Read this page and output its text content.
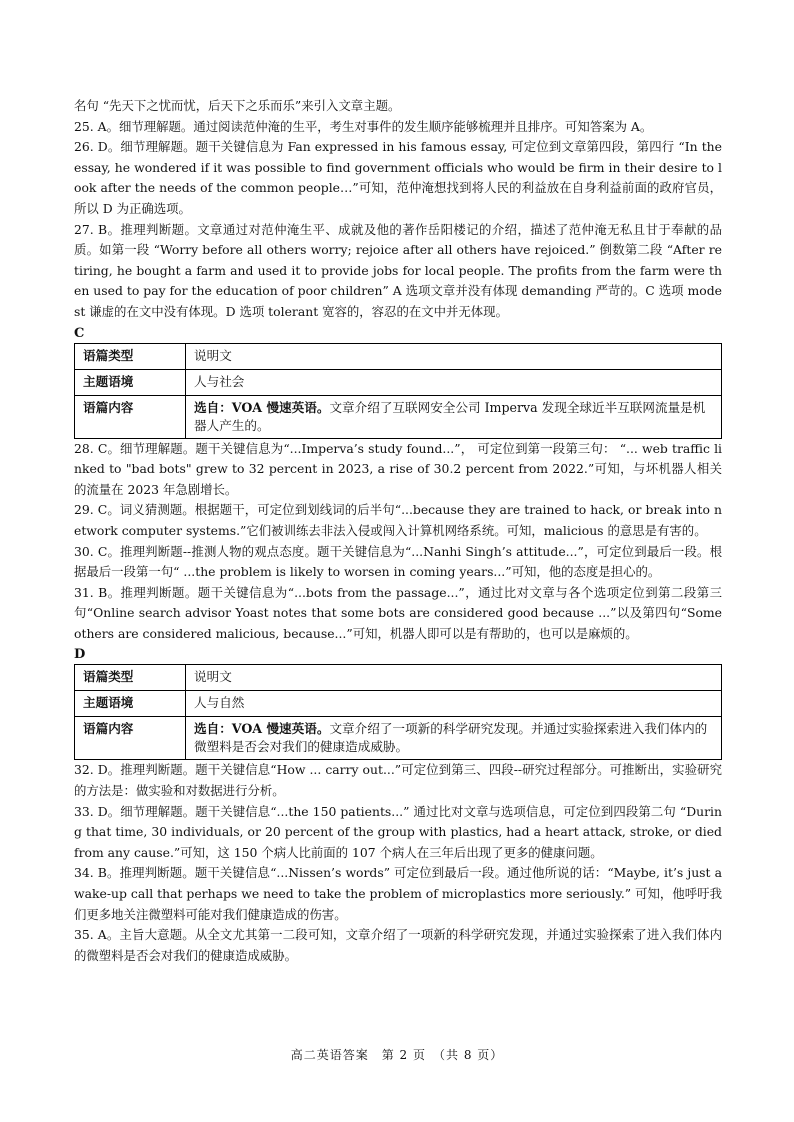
名句 “先天下之忧而忧，后天下之乐而乐”来引入文章主题。

25. A。细节理解题。通过阅读范仲淹的生平，考生对事件的发生顺序能够梳理并且排序。可知答案为 A。

26. D。细节理解题。题干关键信息为 Fan expressed in his famous essay, 可定位到文章第四段，第四行 “In the essay, he wondered if it was possible to find government officials who would be firm in their desire to look after the needs of the common people…”可知，范仲淹想找到将人民的利益放在自身利益前面的政府官员，所以 D 为正确选项。

27. B。推理判断题。文章通过对范仲淹生平、成就及他的著作岳阳楼记的介绍，描述了范仲淹无私且甘于奉献的品质。如第一段 “Worry before all others worry; rejoice after all others have rejoiced.” 倒数第二段 “After retiring, he bought a farm and used it to provide jobs for local people. The profits from the farm were then used to pay for the education of poor children” A 选项文章并没有体现 demanding 严苛的。C 选项 modest 谦虚的在文中没有体现。D 选项 tolerant 宽容的，容忍的在文中并无体现。

C
语篇类型	说明文
主题语境	人与社会
语篇内容	选自：VOA 慢速英语。文章介绍了互联网安全公司 Imperva 发现全球近半互联网流量是机器人产生的。

28. C。细节理解题。题干关键信息为“...Imperva’s study found...”， 可定位到第一段第三句： “... web traffic linked to "bad bots" grew to 32 percent in 2023, a rise of 30.2 percent from 2022.”可知，与坏机器人相关的流量在 2023 年急剧增长。

29. C。词义猜测题。根据题干，可定位到划线词的后半句“...because they are trained to hack, or break into network computer systems.”它们被训练去非法入侵或闯入计算机网络系统。可知，malicious 的意思是有害的。

30. C。推理判断题--推测人物的观点态度。题干关键信息为“...Nanhi Singh’s attitude...”，可定位到最后一段。根据最后一段第一句“ ...the problem is likely to worsen in coming years...”可知，他的态度是担心的。

31. B。推理判断题。题干关键信息为“...bots from the passage...”，通过比对文章与各个选项定位到第二段第三句“Online search advisor Yoast notes that some bots are considered good because ...”以及第四句“Some others are considered malicious, because...”可知，机器人即可以是有帮助的，也可以是麻烦的。

D
语篇类型	说明文
主题语境	人与自然
语篇内容	选自：VOA 慢速英语。文章介绍了一项新的科学研究发现。并通过实验探索进入我们体内的微塑料是否会对我们的健康造成威胁。

32. D。推理判断题。题干关键信息“How ... carry out...”可定位到第三、四段--研究过程部分。可推断出，实验研究的方法是：做实验和对数据进行分析。

33. D。细节理解题。题干关键信息“...the 150 patients...” 通过比对文章与选项信息，可定位到四段第二句 “During that time, 30 individuals, or 20 percent of the group with plastics, had a heart attack, stroke, or died from any cause.”可知，这 150 个病人比前面的 107 个病人在三年后出现了更多的健康问题。

34. B。推理判断题。题干关键信息“...Nissen’s words” 可定位到最后一段。通过他所说的话：“Maybe, it’s just a wake-up call that perhaps we need to take the problem of microplastics more seriously.” 可知，他呼吁我们更多地关注微塑料可能对我们健康造成的伤害。

35. A。主旨大意题。从全文尤其第一二段可知，文章介绍了一项新的科学研究发现，并通过实验探索了进入我们体内的微塑料是否会对我们的健康造成威胁。

高二英语答案　第 2 页　（共 8 页）
